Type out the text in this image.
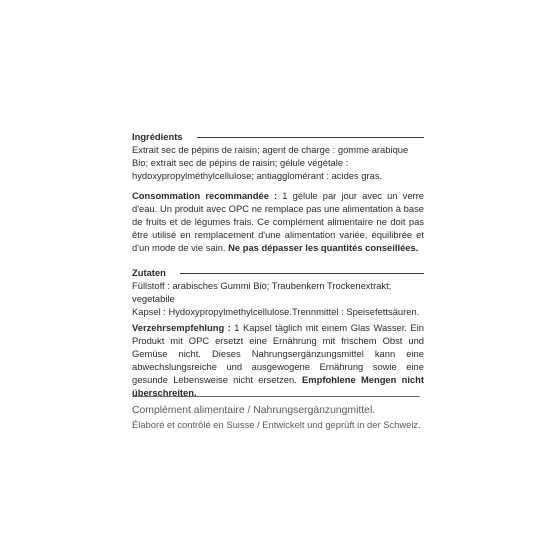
Ingrédients
Extrait sec de pépins de raisin; agent de charge : gomme arabique
Bio; extrait sec de pépins de raisin; gélule végétale :
hydoxypropylméthylcellulose; antiagglomérant : acides gras.

Consommation recommandée : 1 gélule par jour avec un verre d'eau. Un produit avec OPC ne remplace pas une alimentation à base de fruits et de légumes frais. Ce complément alimentaire ne doit pas être utilisé en remplacement d'une alimentation variée, équilibrée et d'un mode de vie sain. Ne pas dépasser les quantités conseillées.

Zutaten
Füllstoff : arabisches Gummi Bio; Traubenkern Trockenextrakt; vegetabile
Kapsel : Hydoxypropylmethylcellulose.Trennmittel : Speisefettsäuren.

Verzehrsempfehlung : 1 Kapsel täglich mit einem Glas Wasser. Ein Produkt mit OPC ersetzt eine Ernährung mit frischem Obst und Gemüse nicht. Dieses Nahrungsergänzungsmittel kann eine abwechslungsreiche und ausgewogene Ernährung sowie eine gesunde Lebensweise nicht ersetzen. Empfohlene Mengen nicht überschreiten.

Complément alimentaire / Nahrungsergänzungmittel.
Élaboré et contrôlé en Suisse / Entwickelt und geprüft in der Schweiz.
